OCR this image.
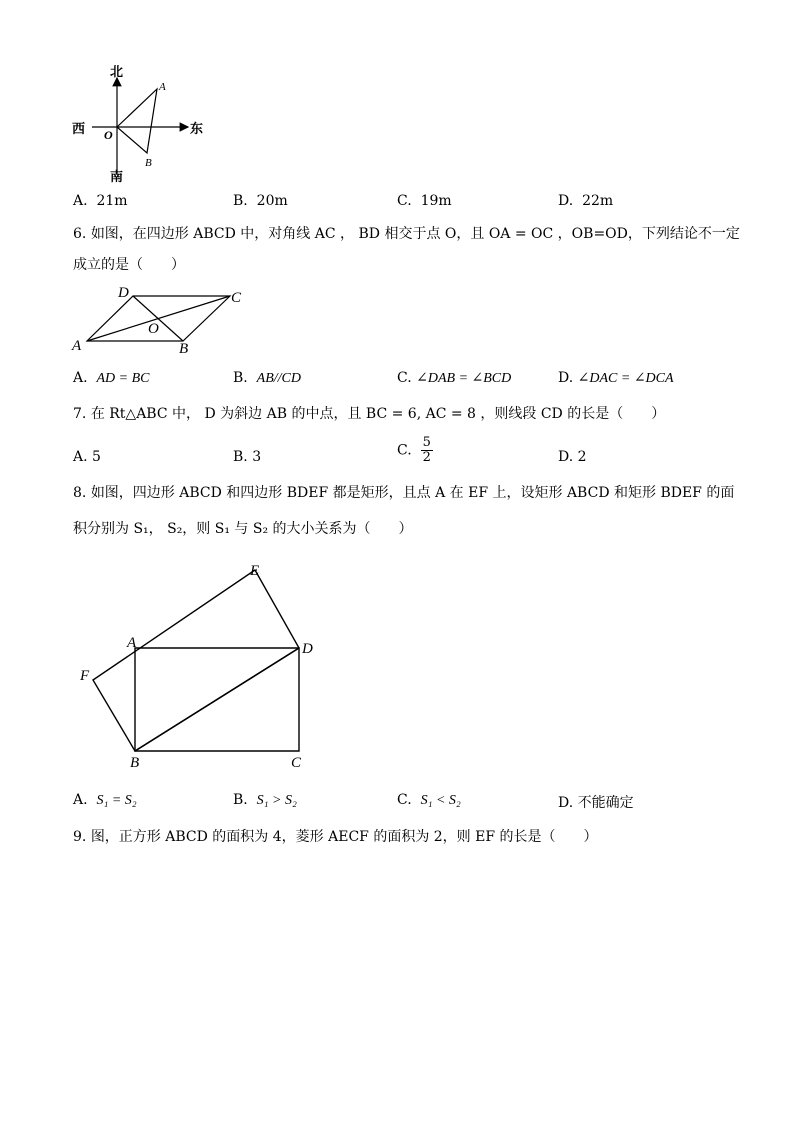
北
南
西	东
O
A
B
A. 21m	B. 20m	C. 19m	D. 22m
6. 如图，在四边形 ABCD 中，对角线 AC ， BD 相交于点 O，且 OA = OC ，OB=OD，下列结论不一定
成立的是（　　）
A	B
C
D
O
A. AD = BC	B. AB//CD	C. ∠DAB = ∠BCD	D. ∠DAC = ∠DCA
7. 在 Rt△ABC 中， D 为斜边 AB 的中点，且 BC = 6, AC = 8 ，则线段 CD 的长是（　　）
A. 5	B. 3	C. $\frac{5}{2}$	D. 2
8. 如图，四边形 ABCD 和四边形 BDEF 都是矩形，且点 A 在 EF 上，设矩形 ABCD 和矩形 BDEF 的面
积分别为 S₁， S₂，则 S₁ 与 S₂ 的大小关系为（　　）
A
B	C
D
E
F
A. S₁ = S₂	B. S₁ > S₂	C. S₁ < S₂	D. 不能确定
9. 图，正方形 ABCD 的面积为 4，菱形 AECF 的面积为 2，则 EF 的长是（　　）
